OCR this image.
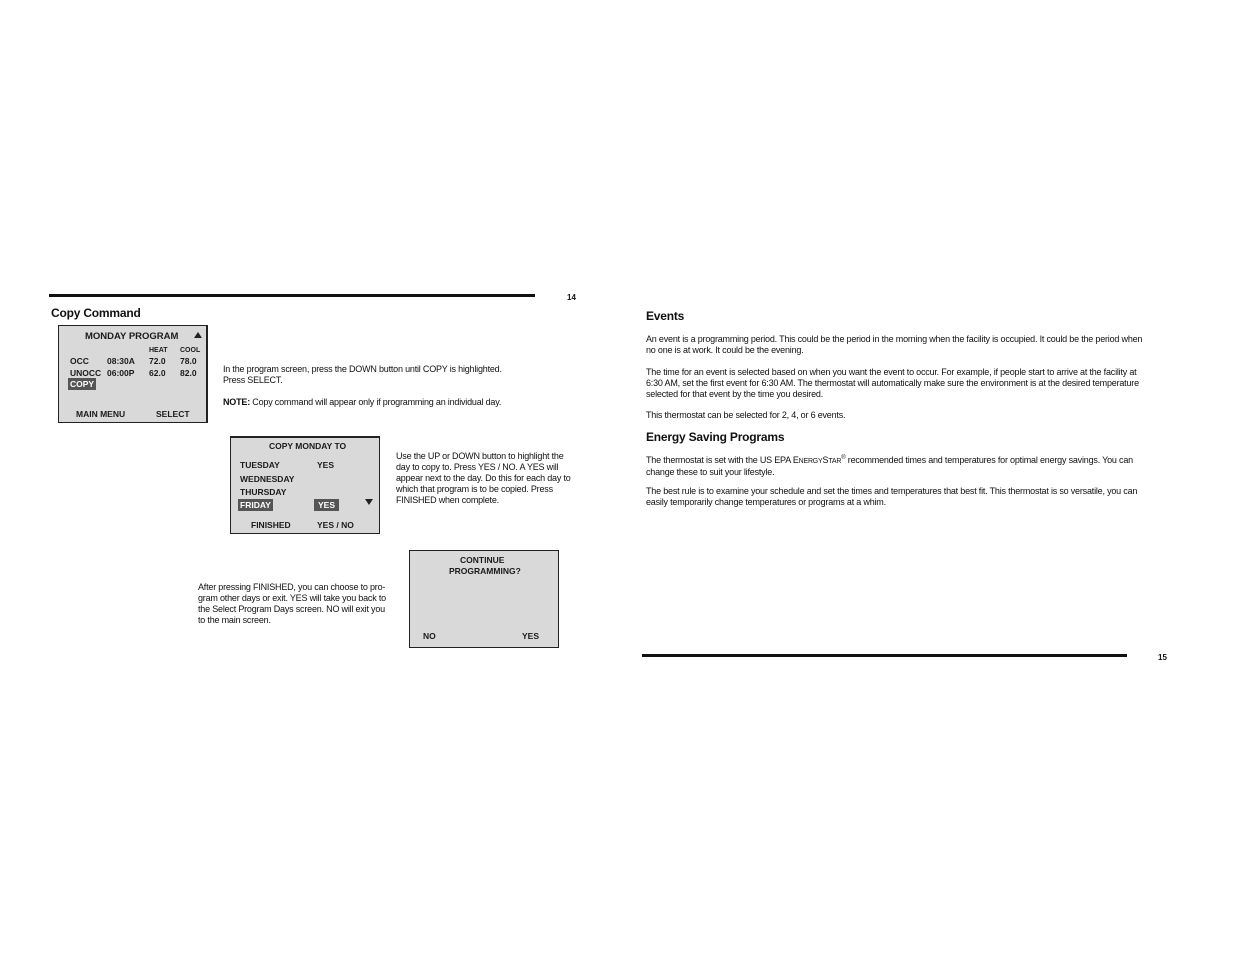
14
Copy Command
MONDAY PROGRAM
HEAT COOL
OCC 08:30A 72.0 78.0
UNOCC 06:00P 62.0 82.0
COPY
MAIN MENU	SELECT

In the program screen, press the DOWN button until COPY is highlighted.
Press SELECT.

NOTE: Copy command will appear only if programming an individual day.

COPY MONDAY TO
TUESDAY	YES
WEDNESDAY
THURSDAY
FRIDAY	YES
FINISHED	YES / NO

Use the UP or DOWN button to highlight the
day to copy to. Press YES / NO. A YES will
appear next to the day. Do this for each day to
which that program is to be copied. Press
FINISHED when complete.

CONTINUE
PROGRAMMING?
NO	YES

After pressing FINISHED, you can choose to pro-
gram other days or exit. YES will take you back to
the Select Program Days screen. NO will exit you
to the main screen.

Events

An event is a programming period. This could be the period in the morning when the facility is occupied. It could be the period when
no one is at work. It could be the evening.

The time for an event is selected based on when you want the event to occur. For example, if people start to arrive at the facility at
6:30 AM, set the first event for 6:30 AM. The thermostat will automatically make sure the environment is at the desired temperature
selected for that event by the time you desired.

This thermostat can be selected for 2, 4, or 6 events.

Energy Saving Programs

The thermostat is set with the US EPA ENERGYSTAR® recommended times and temperatures for optimal energy savings. You can
change these to suit your lifestyle.

The best rule is to examine your schedule and set the times and temperatures that best fit. This thermostat is so versatile, you can
easily temporarily change temperatures or programs at a whim.

15
